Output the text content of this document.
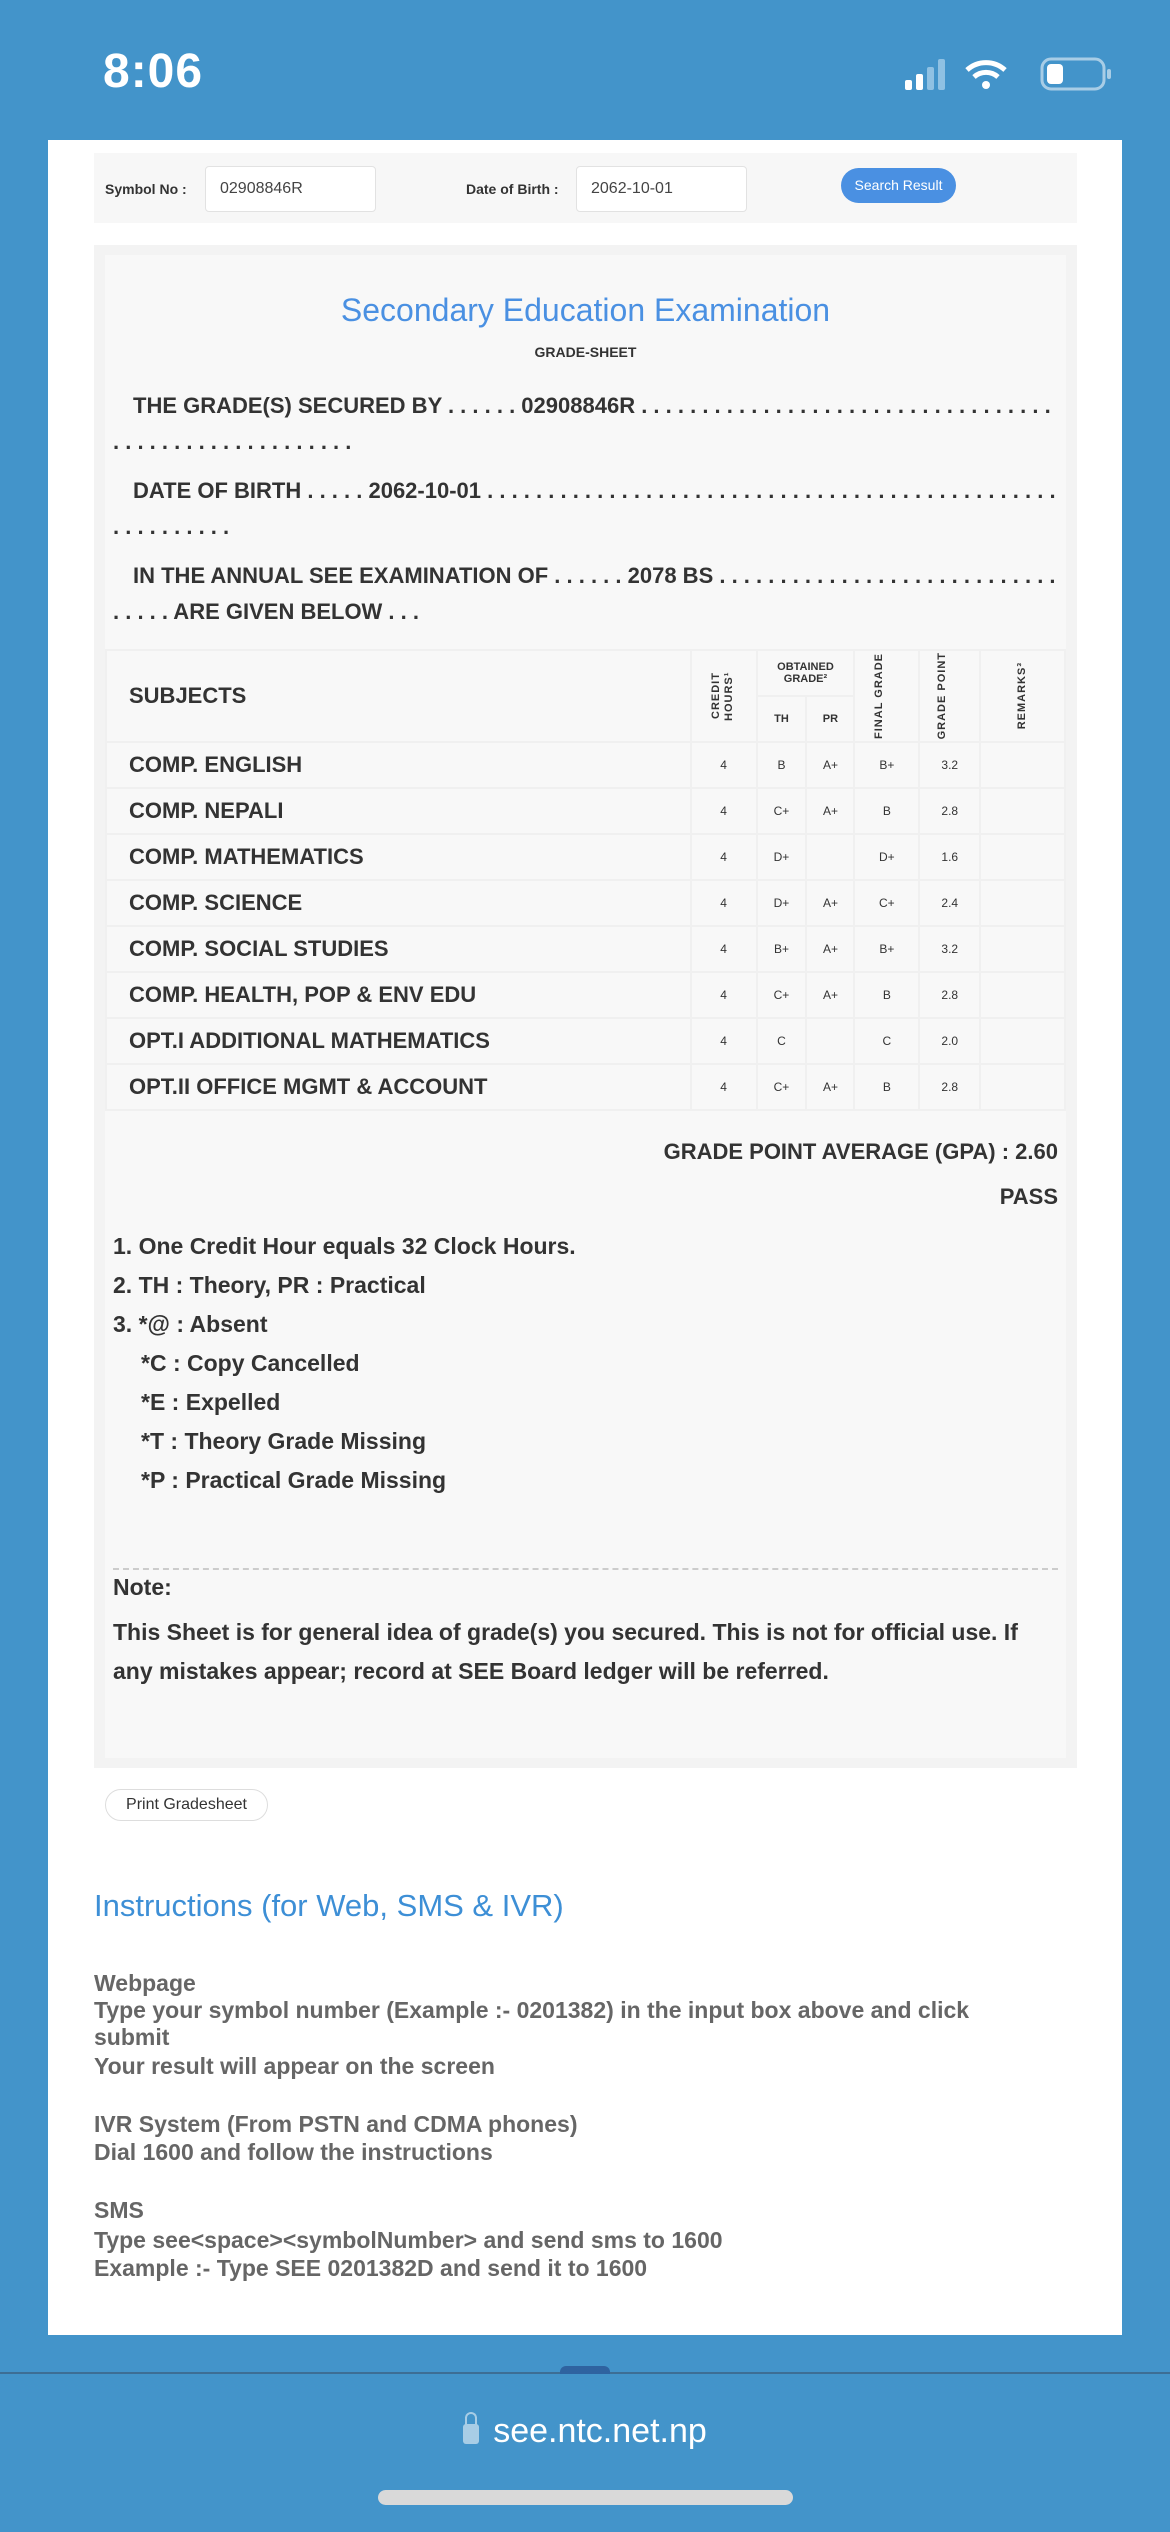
8:06
Symbol No :	02908846R	Date of Birth :	2062-10-01	Search Result
Secondary Education Examination
GRADE-SHEET
THE GRADE(S) SECURED BY . . . . . . 02908846R . . . . . . . . . . . . . . . . . . . . . . . . . . . . . . . . . . . . . . . . . . . . . . . . . . . . . .
DATE OF BIRTH . . . . . 2062-10-01 . . . . . . . . . . . . . . . . . . . . . . . . . . . . . . . . . . . . . . . . . . . . . . . . . . . . . . . . .
IN THE ANNUAL SEE EXAMINATION OF . . . . . . 2078 BS . . . . . . . . . . . . . . . . . . . . . . . . . . . . . . . . . ARE GIVEN BELOW . . .
SUBJECTS	CREDIT HOURS¹	OBTAINED GRADE²		FINAL GRADE	GRADE POINT	REMARKS³

		TH	PR			
COMP. ENGLISH	4	B	A+	B+	3.2	
COMP. NEPALI	4	C+	A+	B	2.8	
COMP. MATHEMATICS	4	D+		D+	1.6	
COMP. SCIENCE	4	D+	A+	C+	2.4	
COMP. SOCIAL STUDIES	4	B+	A+	B+	3.2	
COMP. HEALTH, POP & ENV EDU	4	C+	A+	B	2.8	
OPT.I ADDITIONAL MATHEMATICS	4	C		C	2.0	
OPT.II OFFICE MGMT & ACCOUNT	4	C+	A+	B	2.8	
GRADE POINT AVERAGE (GPA) : 2.60
PASS
1. One Credit Hour equals 32 Clock Hours.
2. TH : Theory, PR : Practical
3. *@ : Absent
*C : Copy Cancelled
*E : Expelled
*T : Theory Grade Missing
*P : Practical Grade Missing
Note:
This Sheet is for general idea of grade(s) you secured. This is not for official use. If any mistakes appear; record at SEE Board ledger will be referred.
Print Gradesheet
Instructions (for Web, SMS & IVR)
Webpage
Type your symbol number (Example :- 0201382) in the input box above and click
submit
Your result will appear on the screen
IVR System (From PSTN and CDMA phones)
Dial 1600 and follow the instructions
SMS
Type see<space><symbolNumber> and send sms to 1600
Example :- Type SEE 0201382D and send it to 1600
see.ntc.net.np
